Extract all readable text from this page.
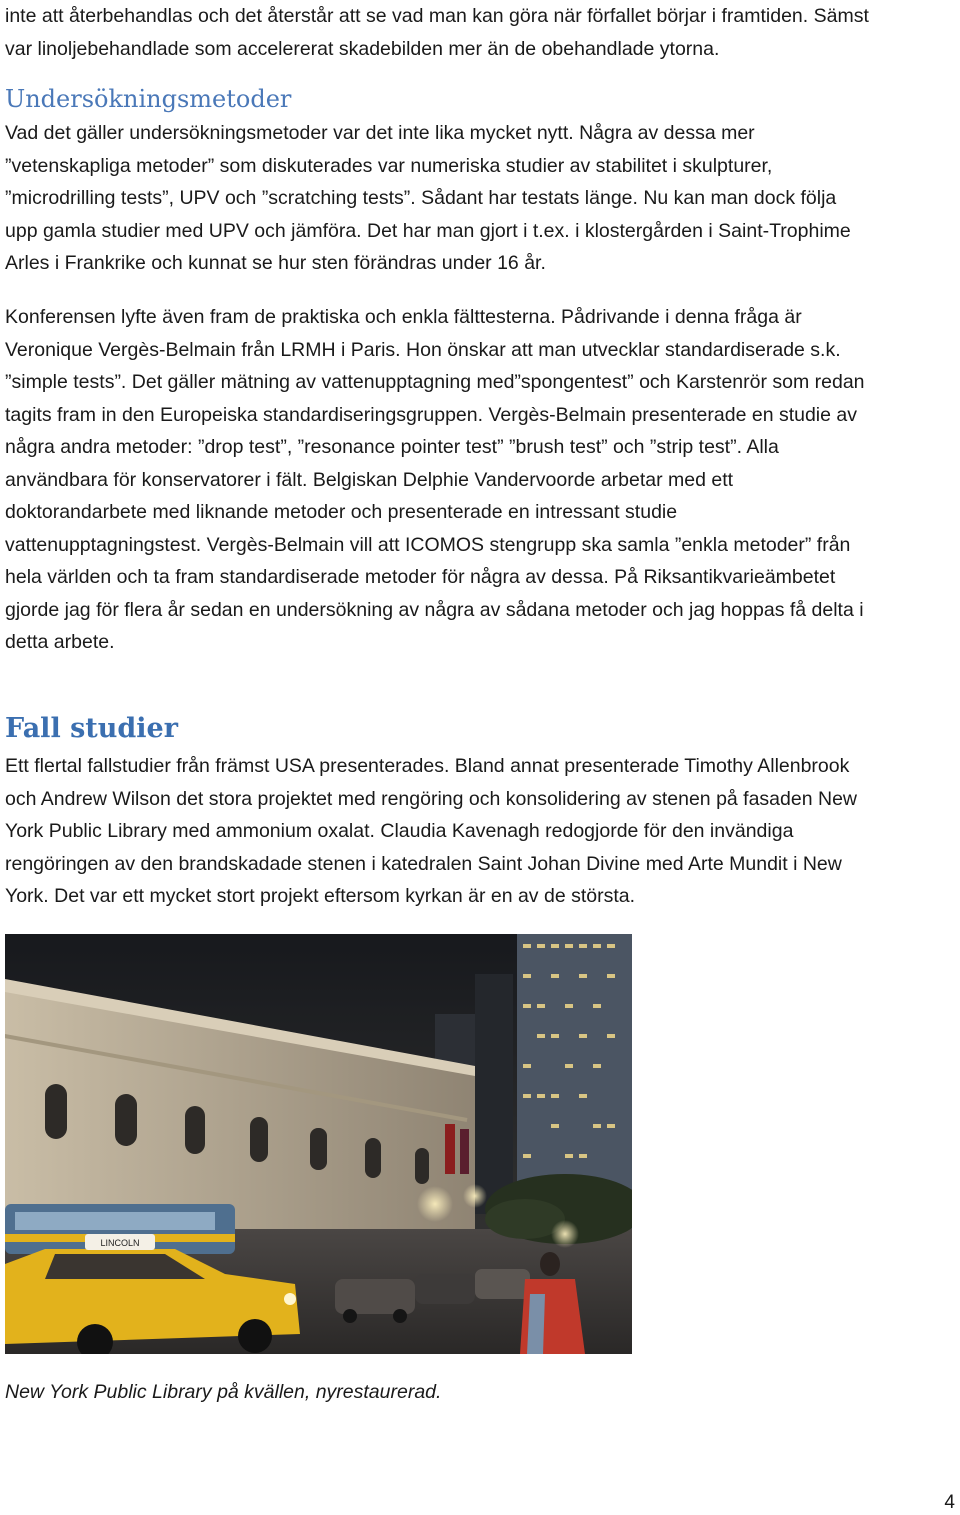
inte att återbehandlas och det återstår att se vad man kan göra när förfallet börjar i framtiden. Sämst
var linoljebehandlade som accelererat skadebilden mer än de obehandlade ytorna.

Undersökningsmetoder

Vad det gäller undersökningsmetoder var det inte lika mycket nytt. Några av dessa mer
”vetenskapliga metoder” som diskuterades var numeriska studier av stabilitet i skulpturer,
”microdrilling tests”, UPV och ”scratching tests”. Sådant har testats länge. Nu kan man dock följa
upp gamla studier med UPV och jämföra. Det har man gjort i t.ex. i klostergården i Saint-Trophime
Arles i Frankrike och kunnat se hur sten förändras under 16 år.

Konferensen lyfte även fram de praktiska och enkla fälttesterna. Pådrivande i denna fråga är
Veronique Vergès-Belmain från LRMH i Paris. Hon önskar att man utvecklar standardiserade s.k.
”simple tests”. Det gäller mätning av vattenupptagning med”spongentest” och Karstenrör som redan
tagits fram in den Europeiska standardiseringsgruppen. Vergès-Belmain presenterade en studie av
några andra metoder: ”drop test”, ”resonance pointer test” ”brush test” och ”strip test”. Alla
användbara för konservatorer i fält. Belgiskan Delphie Vandervoorde arbetar med ett
doktorandarbete med liknande metoder och presenterade en intressant studie
vattenupptagningstest. Vergès-Belmain vill att ICOMOS stengrupp ska samla ”enkla metoder” från
hela världen och ta fram standardiserade metoder för några av dessa. På Riksantikvarieämbetet
gjorde jag för flera år sedan en undersökning av några av sådana metoder och jag hoppas få delta i
detta arbete.

Fall studier

Ett flertal fallstudier från främst USA presenterades. Bland annat presenterade Timothy Allenbrook
och Andrew Wilson det stora projektet med rengöring och konsolidering av stenen på fasaden New
York Public Library med ammonium oxalat. Claudia Kavenagh redogjorde för den invändiga
rengöringen av den brandskadade stenen i katedralen Saint Johan Divine med Arte Mundit i New
York. Det var ett mycket stort projekt eftersom kyrkan är en av de största.

LINCOLN

New York Public Library på kvällen, nyrestaurerad.

4
